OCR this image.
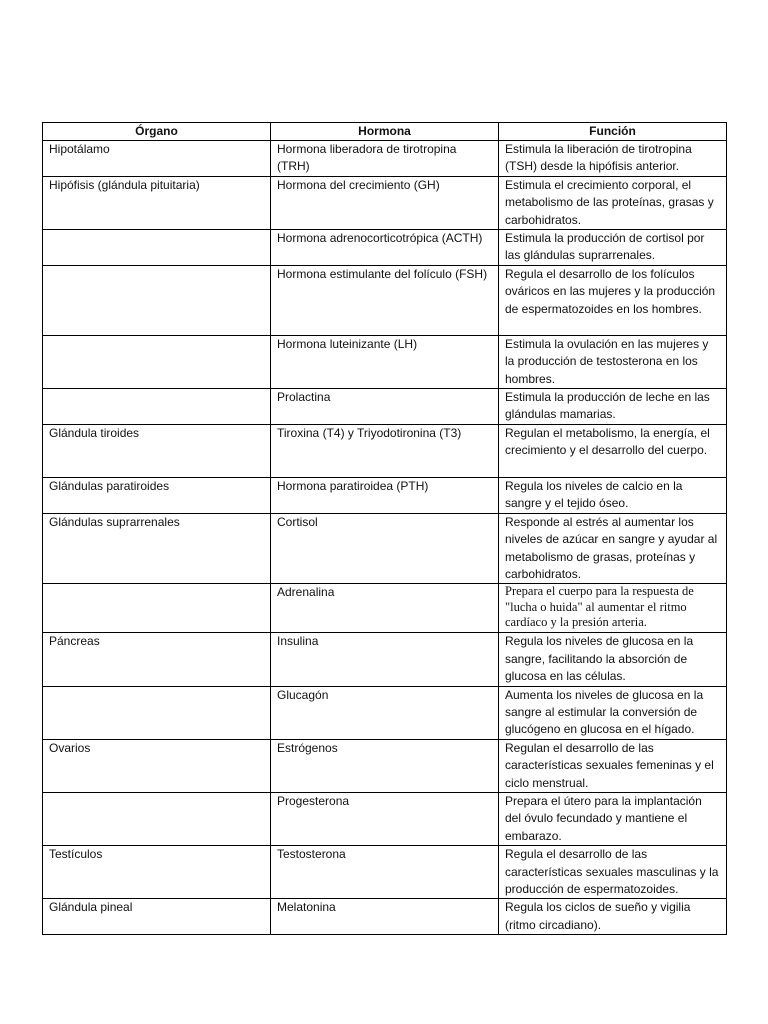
Órgano	Hormona	Función
Hipotálamo	Hormona liberadora de tirotropina (TRH)	Estimula la liberación de tirotropina (TSH) desde la hipófisis anterior.
Hipófisis (glándula pituitaria)	Hormona del crecimiento (GH)	Estimula el crecimiento corporal, el metabolismo de las proteínas, grasas y carbohidratos.
	Hormona adrenocorticotrópica (ACTH)	Estimula la producción de cortisol por las glándulas suprarrenales.
	Hormona estimulante del folículo (FSH)	Regula el desarrollo de los folículos ováricos en las mujeres y la producción de espermatozoides en los hombres.
	Hormona luteinizante (LH)	Estimula la ovulación en las mujeres y la producción de testosterona en los hombres.
	Prolactina	Estimula la producción de leche en las glándulas mamarias.
Glándula tiroides	Tiroxina (T4) y Triyodotironina (T3)	Regulan el metabolismo, la energía, el crecimiento y el desarrollo del cuerpo.
Glándulas paratiroides	Hormona paratiroidea (PTH)	Regula los niveles de calcio en la sangre y el tejido óseo.
Glándulas suprarrenales	Cortisol	Responde al estrés al aumentar los niveles de azúcar en sangre y ayudar al metabolismo de grasas, proteínas y carbohidratos.
	Adrenalina	Prepara el cuerpo para la respuesta de "lucha o huida" al aumentar el ritmo cardíaco y la presión arteria.
Páncreas	Insulina	Regula los niveles de glucosa en la sangre, facilitando la absorción de glucosa en las células.
	Glucagón	Aumenta los niveles de glucosa en la sangre al estimular la conversión de glucógeno en glucosa en el hígado.
Ovarios	Estrógenos	Regulan el desarrollo de las características sexuales femeninas y el ciclo menstrual.
	Progesterona	Prepara el útero para la implantación del óvulo fecundado y mantiene el embarazo.
Testículos	Testosterona	Regula el desarrollo de las características sexuales masculinas y la producción de espermatozoides.
Glándula pineal	Melatonina	Regula los ciclos de sueño y vigilia (ritmo circadiano).
